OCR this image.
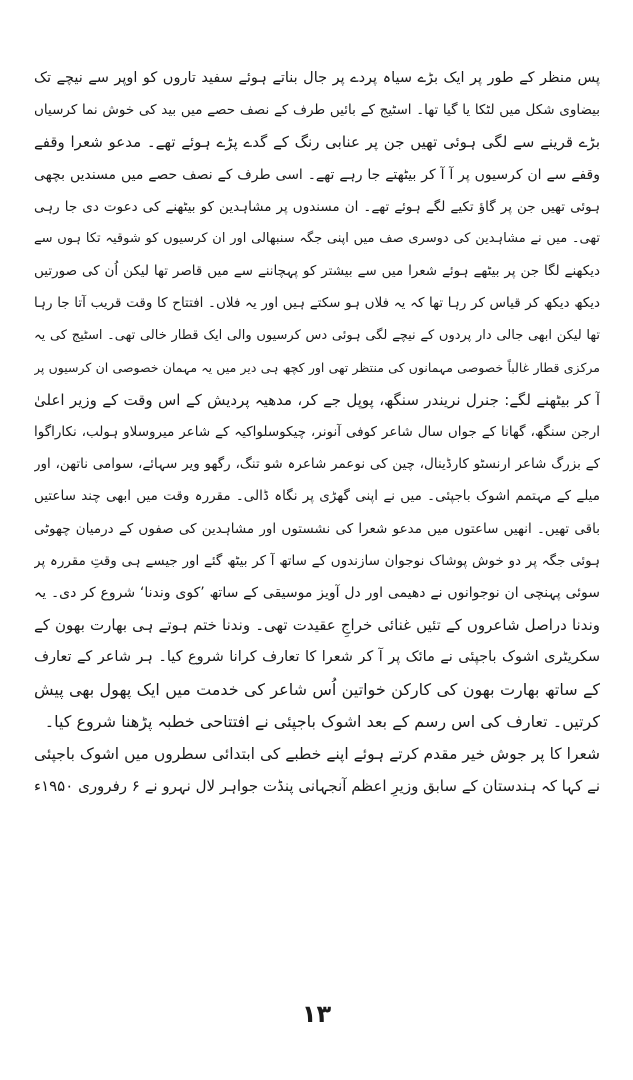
پس منظر کے طور پر ایک بڑے سیاہ پردے پر جال بناتے ہوئے سفید تاروں کو اوپر سے نیچے تک
بیضاوی شکل میں لٹکا یا گیا تھا۔ اسٹیج کے بائیں طرف کے نصف حصے میں بید کی خوش نما کرسیاں
بڑے قرینے سے لگی ہوئی تھیں جن پر عنابی رنگ کے گدے پڑے ہوئے تھے۔ مدعو شعرا وقفے
وقفے سے ان کرسیوں پر آ آ کر بیٹھتے جا رہے تھے۔ اسی طرف کے نصف حصے میں مسندیں بچھی
ہوئی تھیں جن پر گاؤ تکیے لگے ہوئے تھے۔ ان مسندوں پر مشاہدین کو بیٹھنے کی دعوت دی جا رہی
تھی۔ میں نے مشاہدین کی دوسری صف میں اپنی جگہ سنبھالی اور ان کرسیوں کو شوقیہ تکا ہوں سے
دیکھنے لگا جن پر بیٹھے ہوئے شعرا میں سے بیشتر کو پہچاننے سے میں قاصر تھا لیکن اُن کی صورتیں
دیکھ دیکھ کر قیاس کر رہا تھا کہ یہ فلاں ہو سکتے ہیں اور یہ فلاں۔ افتتاح کا وقت قریب آتا جا رہا
تھا لیکن ابھی جالی دار پردوں کے نیچے لگی ہوئی دس کرسیوں والی ایک قطار خالی تھی۔ اسٹیج کی یہ
مرکزی قطار غالباً خصوصی مہمانوں کی منتظر تھی اور کچھ ہی دیر میں یہ مہمان خصوصی ان کرسیوں پر
آ کر بیٹھنے لگے: جنرل نریندر سنگھ، پوپل جے کر، مدھیہ پردیش کے اس وقت کے وزیر اعلیٰ
ارجن سنگھ، گھانا کے جواں سال شاعر کوفی آنونر، چیکوسلواکیہ کے شاعر میروسلاو ہولب، نکاراگوا
کے بزرگ شاعر ارنسٹو کارڈینال، چین کی نوعمر شاعرہ شو تنگ، رگھو ویر سہائے، سوامی ناتھن، اور
میلے کے مہتمم اشوک باجپئی۔ میں نے اپنی گھڑی پر نگاہ ڈالی۔ مقررہ وقت میں ابھی چند ساعتیں
باقی تھیں۔ انھیں ساعتوں میں مدعو شعرا کی نشستوں اور مشاہدین کی صفوں کے درمیان چھوٹی
ہوئی جگہ پر دو خوش پوشاک نوجوان سازندوں کے ساتھ آ کر بیٹھ گئے اور جیسے ہی وقتِ مقررہ پر
سوئی پہنچی ان نوجوانوں نے دھیمی اور دل آویز موسیقی کے ساتھ ’کوی وندنا‘ شروع کر دی۔ یہ
وندنا دراصل شاعروں کے تئیں غنائی خراجِ عقیدت تھی۔ وندنا ختم ہوتے ہی بھارت بھون کے
سکریٹری اشوک باجپئی نے مائک پر آ کر شعرا کا تعارف کرانا شروع کیا۔ ہر شاعر کے تعارف
کے ساتھ بھارت بھون کی کارکن خواتین اُس شاعر کی خدمت میں ایک پھول بھی پیش
کرتیں۔ تعارف کی اس رسم کے بعد اشوک باجپئی نے افتتاحی خطبہ پڑھنا شروع کیا۔
شعرا کا پر جوش خیر مقدم کرتے ہوئے اپنے خطبے کی ابتدائی سطروں میں اشوک باجپئی
نے کہا کہ ہندستان کے سابق وزیرِ اعظم آنجہانی پنڈت جواہر لال نہرو نے ۶ رفروری ۱۹۵۰ء
۱۳
